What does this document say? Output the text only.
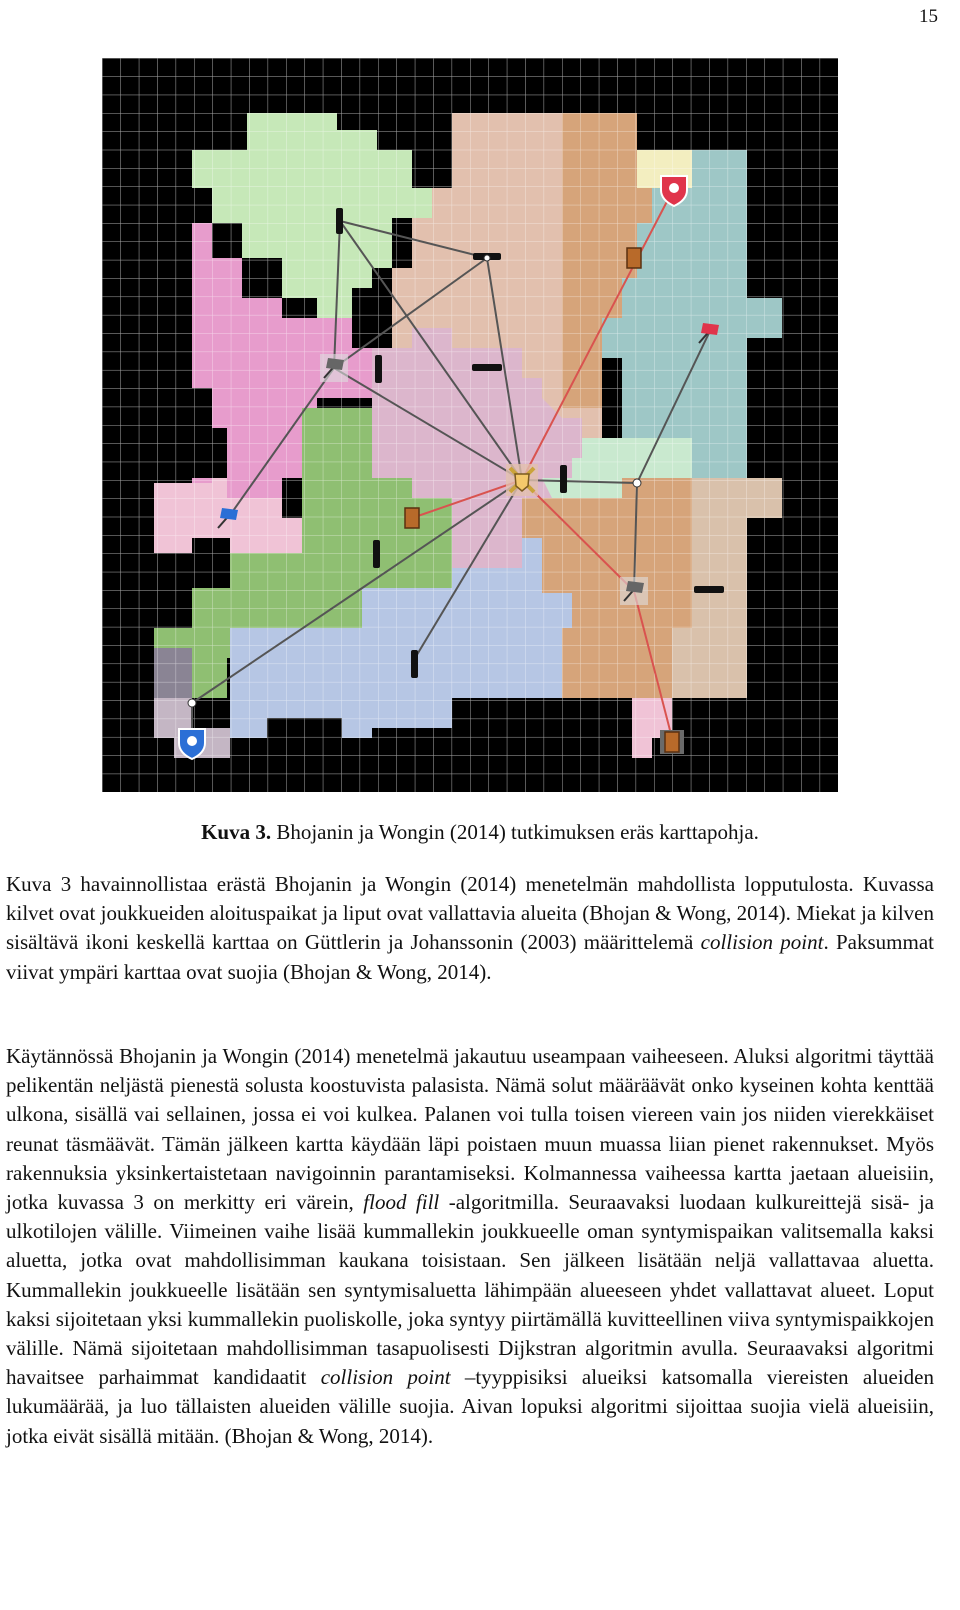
15
Kuva 3. Bhojanin ja Wongin (2014) tutkimuksen eräs karttapohja.

Kuva 3 havainnollistaa erästä Bhojanin ja Wongin (2014) menetelmän mahdollista lopputulosta. Kuvassa kilvet ovat joukkueiden aloituspaikat ja liput ovat vallattavia alueita (Bhojan & Wong, 2014). Miekat ja kilven sisältävä ikoni keskellä karttaa on Güttlerin ja Johanssonin (2003) määrittelemä collision point. Paksummat viivat ympäri karttaa ovat suojia (Bhojan & Wong, 2014).

Käytännössä Bhojanin ja Wongin (2014) menetelmä jakautuu useampaan vaiheeseen. Aluksi algoritmi täyttää pelikentän neljästä pienestä solusta koostuvista palasista. Nämä solut määräävät onko kyseinen kohta kenttää ulkona, sisällä vai sellainen, jossa ei voi kulkea. Palanen voi tulla toisen viereen vain jos niiden vierekkäiset reunat täsmäävät. Tämän jälkeen kartta käydään läpi poistaen muun muassa liian pienet rakennukset. Myös rakennuksia yksinkertaistetaan navigoinnin parantamiseksi. Kolmannessa vaiheessa kartta jaetaan alueisiin, jotka kuvassa 3 on merkitty eri värein, flood fill -algoritmilla. Seuraavaksi luodaan kulkureittejä sisä- ja ulkotilojen välille. Viimeinen vaihe lisää kummallekin joukkueelle oman syntymispaikan valitsemalla kaksi aluetta, jotka ovat mahdollisimman kaukana toisistaan. Sen jälkeen lisätään neljä vallattavaa aluetta. Kummallekin joukkueelle lisätään sen syntymisaluetta lähimpään alueeseen yhdet vallattavat alueet. Loput kaksi sijoitetaan yksi kummallekin puoliskolle, joka syntyy piirtämällä kuvitteellinen viiva syntymispaikkojen välille. Nämä sijoitetaan mahdollisimman tasapuolisesti Dijkstran algoritmin avulla. Seuraavaksi algoritmi havaitsee parhaimmat kandidaatit collision point –tyyppisiksi alueiksi katsomalla viereisten alueiden lukumäärää, ja luo tällaisten alueiden välille suojia. Aivan lopuksi algoritmi sijoittaa suojia vielä alueisiin, jotka eivät sisällä mitään. (Bhojan & Wong, 2014).
